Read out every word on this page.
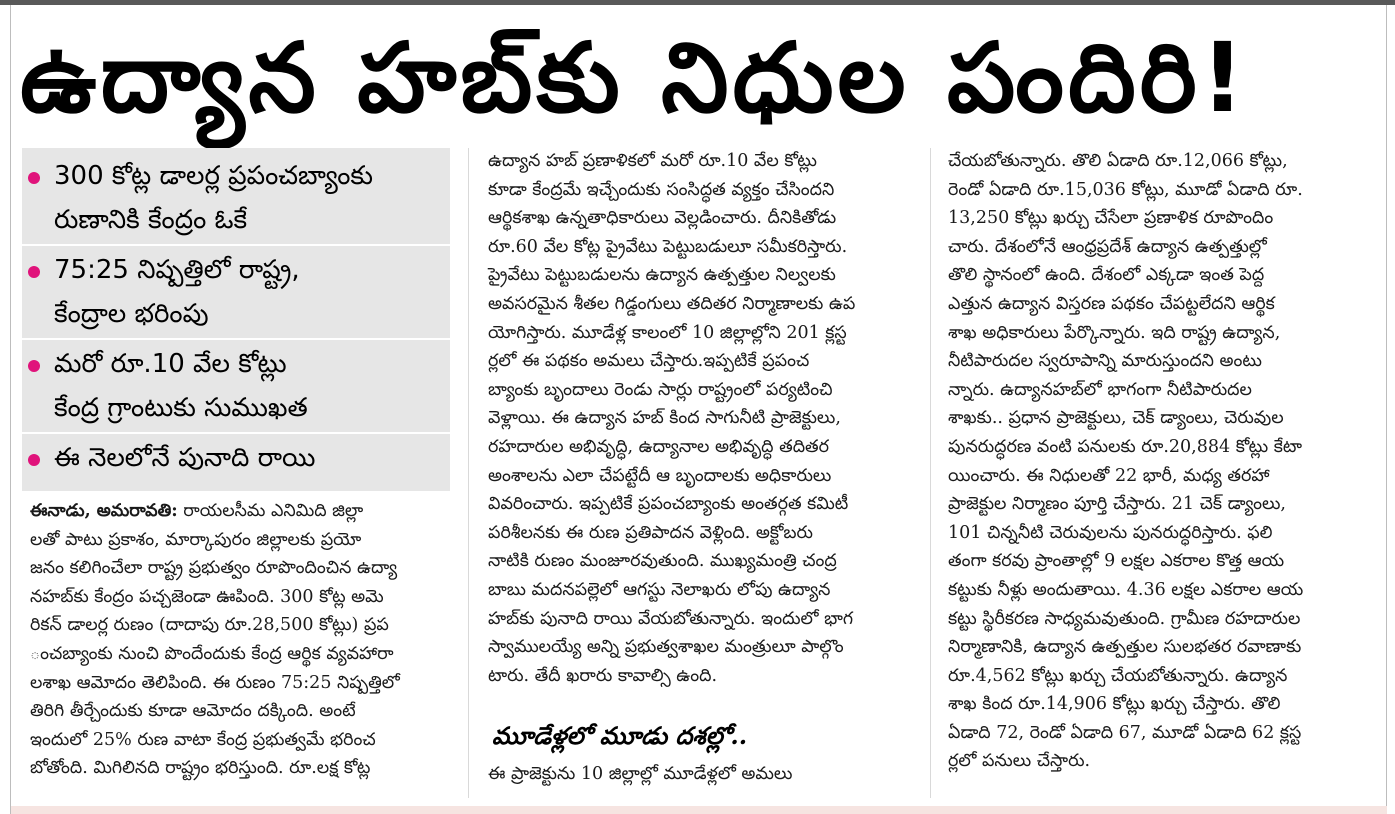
ఉద్యాన హబ్‌కు నిధుల పందిరి!
300 కోట్ల డాలర్ల ప్రపంచబ్యాంకు
రుణానికి కేంద్రం ఓకే
75:25 నిష్పత్తిలో రాష్ట్ర,
కేంద్రాల భరింపు
మరో రూ.10 వేల కోట్లు
కేంద్ర గ్రాంటుకు సుముఖత
ఈ నెలలోనే పునాది రాయి
ఈనాడు, అమరావతి: రాయలసీమ ఎనిమిది జిల్లా
లతో పాటు ప్రకాశం, మార్కాపురం జిల్లాలకు ప్రయో
జనం కలిగించేలా రాష్ట్ర ప్రభుత్వం రూపొందించిన ఉద్యా
నహబ్‌కు కేంద్రం పచ్చజెండా ఊపింది. 300 కోట్ల అమె
రికన్ డాలర్ల రుణం (దాదాపు రూ.28,500 కోట్లు) ప్రప
ంచబ్యాంకు నుంచి పొందేందుకు కేంద్ర ఆర్థిక వ్యవహారా
లశాఖ ఆమోదం తెలిపింది. ఈ రుణం 75:25 నిష్పత్తిలో
తిరిగి తీర్చేందుకు కూడా ఆమోదం దక్కింది. అంటే
ఇందులో 25% రుణ వాటా కేంద్ర ప్రభుత్వమే భరించ
బోతోంది. మిగిలినది రాష్ట్రం భరిస్తుంది. రూ.లక్ష కోట్ల
ఉద్యాన హబ్ ప్రణాళికలో మరో రూ.10 వేల కోట్లు
కూడా కేంద్రమే ఇచ్చేందుకు సంసిద్ధత వ్యక్తం చేసిందని
ఆర్థికశాఖ ఉన్నతాధికారులు వెల్లడించారు. దీనికితోడు
రూ.60 వేల కోట్ల ప్రైవేటు పెట్టుబడులూ సమీకరిస్తారు.
ప్రైవేటు పెట్టుబడులను ఉద్యాన ఉత్పత్తుల నిల్వలకు
అవసరమైన శీతల గిడ్డంగులు తదితర నిర్మాణాలకు ఉప
యోగిస్తారు. మూడేళ్ల కాలంలో 10 జిల్లాల్లోని 201 క్లస్ట
ర్లలో ఈ పథకం అమలు చేస్తారు.ఇప్పటికే ప్రపంచ
బ్యాంకు బృందాలు రెండు సార్లు రాష్ట్రంలో పర్యటించి
వెళ్లాయి. ఈ ఉద్యాన హబ్ కింద సాగునీటి ప్రాజెక్టులు,
రహదారుల అభివృద్ధి, ఉద్యానాల అభివృద్ధి తదితర
అంశాలను ఎలా చేపట్టేదీ ఆ బృందాలకు అధికారులు
వివరించారు. ఇప్పటికే ప్రపంచబ్యాంకు అంతర్గత కమిటీ
పరిశీలనకు ఈ రుణ ప్రతిపాదన వెళ్లింది. అక్టోబరు
నాటికి రుణం మంజూరవుతుంది. ముఖ్యమంత్రి చంద్ర
బాబు మదనపల్లెలో ఆగస్టు నెలాఖరు లోపు ఉద్యాన
హబ్‌కు పునాది రాయి వేయబోతున్నారు. ఇందులో భాగ
స్వాములయ్యే అన్ని ప్రభుత్వశాఖల మంత్రులూ పాల్గొం
టారు. తేదీ ఖరారు కావాల్సి ఉంది.
మూడేళ్లలో మూడు దశల్లో..
ఈ ప్రాజెక్టును 10 జిల్లాల్లో మూడేళ్లలో అమలు
చేయబోతున్నారు. తొలి ఏడాది రూ.12,066 కోట్లు,
రెండో ఏడాది రూ.15,036 కోట్లు, మూడో ఏడాది రూ.
13,250 కోట్లు ఖర్చు చేసేలా ప్రణాళిక రూపొందిం
చారు. దేశంలోనే ఆంధ్రప్రదేశ్ ఉద్యాన ఉత్పత్తుల్లో
తొలి స్థానంలో ఉంది. దేశంలో ఎక్కడా ఇంత పెద్ద
ఎత్తున ఉద్యాన విస్తరణ పథకం చేపట్టలేదని ఆర్థిక
శాఖ అధికారులు పేర్కొన్నారు. ఇది రాష్ట్ర ఉద్యాన,
నీటిపారుదల స్వరూపాన్ని మారుస్తుందని అంటు
న్నారు. ఉద్యానహబ్‌లో భాగంగా నీటిపారుదల
శాఖకు.. ప్రధాన ప్రాజెక్టులు, చెక్ డ్యాంలు, చెరువుల
పునరుద్ధరణ వంటి పనులకు రూ.20,884 కోట్లు కేటా
యించారు. ఈ నిధులతో 22 భారీ, మధ్య తరహా
ప్రాజెక్టుల నిర్మాణం పూర్తి చేస్తారు. 21 చెక్ డ్యాంలు,
101 చిన్ననీటి చెరువులను పునరుద్ధరిస్తారు. ఫలి
తంగా కరవు ప్రాంతాల్లో 9 లక్షల ఎకరాల కొత్త ఆయ
కట్టుకు నీళ్లు అందుతాయి. 4.36 లక్షల ఎకరాల ఆయ
కట్టు స్థిరీకరణ సాధ్యమవుతుంది. గ్రామీణ రహదారుల
నిర్మాణానికి, ఉద్యాన ఉత్పత్తుల సులభతర రవాణాకు
రూ.4,562 కోట్లు ఖర్చు చేయబోతున్నారు. ఉద్యాన
శాఖ కింద రూ.14,906 కోట్లు ఖర్చు చేస్తారు. తొలి
ఏడాది 72, రెండో ఏడాది 67, మూడో ఏడాది 62 క్లస్ట
ర్లలో పనులు చేస్తారు.
